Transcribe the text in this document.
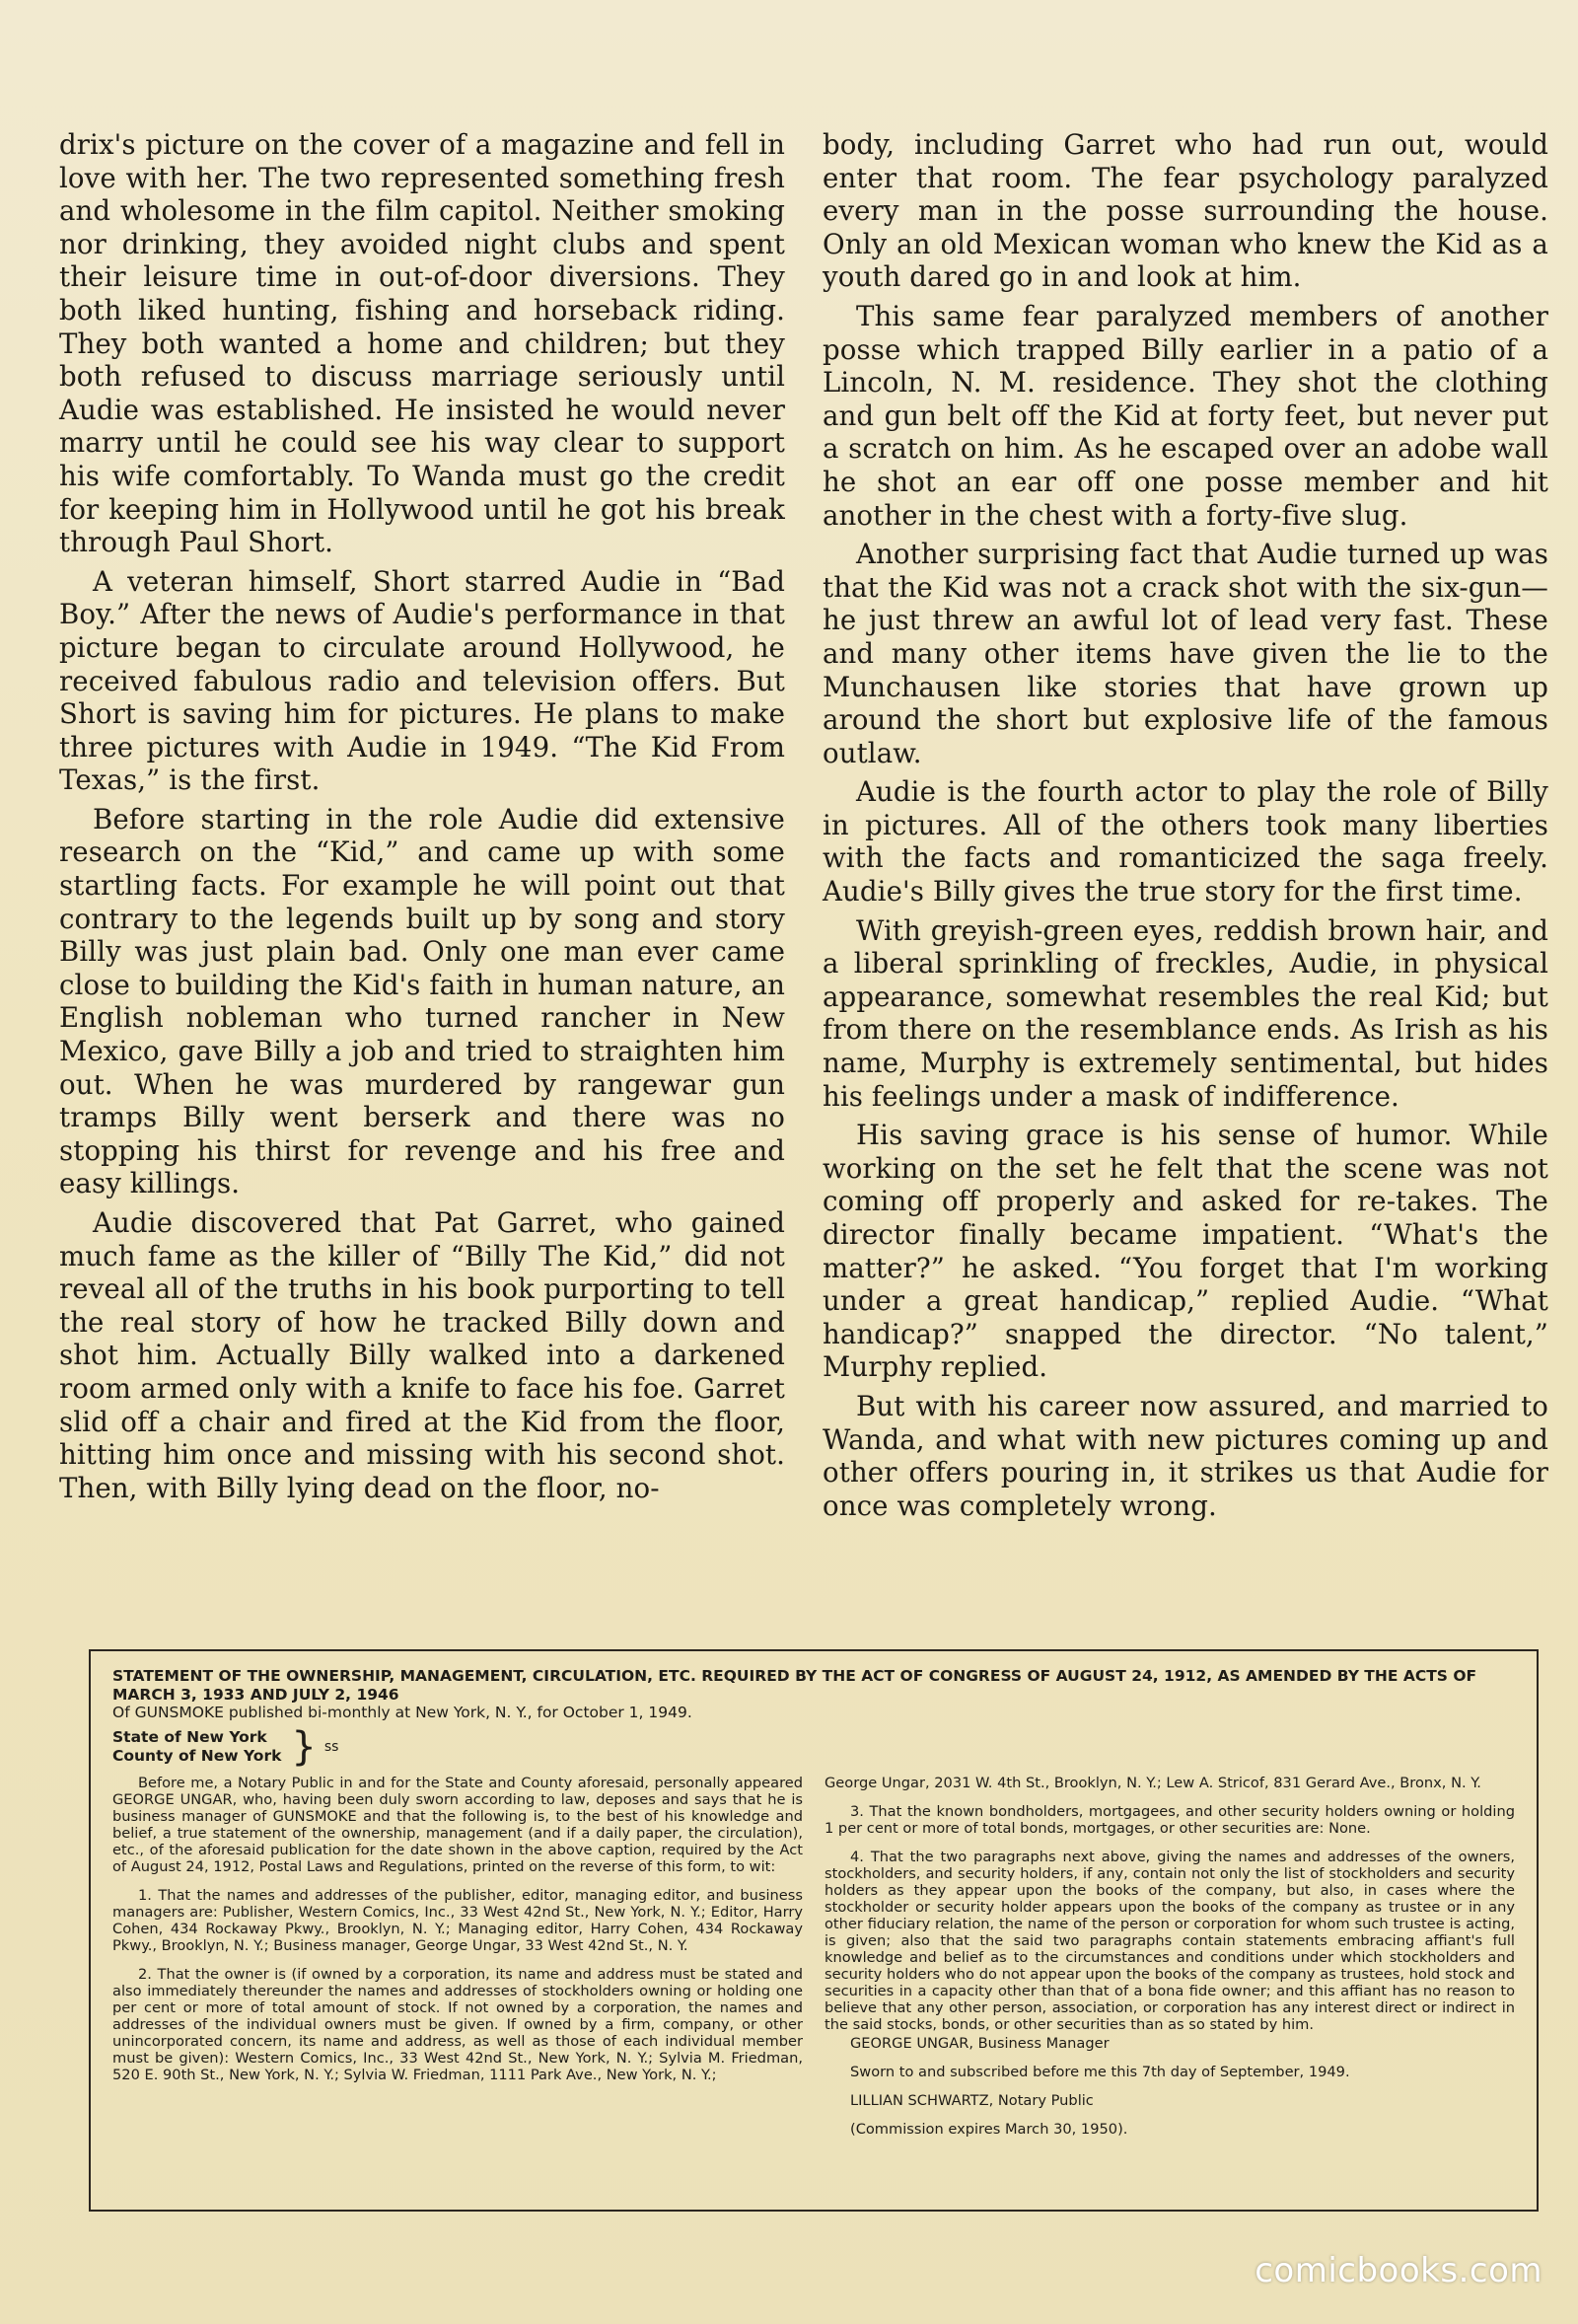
drix's picture on the cover of a magazine and fell in love with her. The two represented something fresh and wholesome in the film capitol. Neither smoking nor drinking, they avoided night clubs and spent their leisure time in out-of-door diversions. They both liked hunting, fishing and horseback riding. They both wanted a home and children; but they both refused to discuss marriage seriously until Audie was established. He insisted he would never marry until he could see his way clear to support his wife comfortably. To Wanda must go the credit for keeping him in Hollywood until he got his break through Paul Short.

A veteran himself, Short starred Audie in “Bad Boy.” After the news of Audie's performance in that picture began to circulate around Hollywood, he received fabulous radio and television offers. But Short is saving him for pictures. He plans to make three pictures with Audie in 1949. “The Kid From Texas,” is the first.

Before starting in the role Audie did extensive research on the “Kid,” and came up with some startling facts. For example he will point out that contrary to the legends built up by song and story Billy was just plain bad. Only one man ever came close to building the Kid's faith in human nature, an English nobleman who turned rancher in New Mexico, gave Billy a job and tried to straighten him out. When he was murdered by rangewar gun tramps Billy went berserk and there was no stopping his thirst for revenge and his free and easy killings.

Audie discovered that Pat Garret, who gained much fame as the killer of “Billy The Kid,” did not reveal all of the truths in his book purporting to tell the real story of how he tracked Billy down and shot him. Actually Billy walked into a darkened room armed only with a knife to face his foe. Garret slid off a chair and fired at the Kid from the floor, hitting him once and missing with his second shot. Then, with Billy lying dead on the floor, no-

body, including Garret who had run out, would enter that room. The fear psychology paralyzed every man in the posse surrounding the house. Only an old Mexican woman who knew the Kid as a youth dared go in and look at him.

This same fear paralyzed members of another posse which trapped Billy earlier in a patio of a Lincoln, N. M. residence. They shot the clothing and gun belt off the Kid at forty feet, but never put a scratch on him. As he escaped over an adobe wall he shot an ear off one posse member and hit another in the chest with a forty-five slug.

Another surprising fact that Audie turned up was that the Kid was not a crack shot with the six-gun—he just threw an awful lot of lead very fast. These and many other items have given the lie to the Munchausen like stories that have grown up around the short but explosive life of the famous outlaw.

Audie is the fourth actor to play the role of Billy in pictures. All of the others took many liberties with the facts and romanticized the saga freely. Audie's Billy gives the true story for the first time.

With greyish-green eyes, reddish brown hair, and a liberal sprinkling of freckles, Audie, in physical appearance, somewhat resembles the real Kid; but from there on the resemblance ends. As Irish as his name, Murphy is extremely sentimental, but hides his feelings under a mask of indifference.

His saving grace is his sense of humor. While working on the set he felt that the scene was not coming off properly and asked for re-takes. The director finally became impatient. “What's the matter?” he asked. “You forget that I'm working under a great handicap,” replied Audie. “What handicap?” snapped the director. “No talent,” Murphy replied.

But with his career now assured, and married to Wanda, and what with new pictures coming up and other offers pouring in, it strikes us that Audie for once was completely wrong.

STATEMENT OF THE OWNERSHIP, MANAGEMENT, CIRCULATION, ETC. REQUIRED BY THE ACT OF CONGRESS OF AUGUST 24, 1912, AS AMENDED BY THE ACTS OF MARCH 3, 1933 AND JULY 2, 1946

Of GUNSMOKE published bi-monthly at New York, N. Y., for October 1, 1949.

State of New York
County of New York } ss

Before me, a Notary Public in and for the State and County aforesaid, personally appeared GEORGE UNGAR, who, having been duly sworn according to law, deposes and says that he is business manager of GUNSMOKE and that the following is, to the best of his knowledge and belief, a true statement of the ownership, management (and if a daily paper, the circulation), etc., of the aforesaid publication for the date shown in the above caption, required by the Act of August 24, 1912, Postal Laws and Regulations, printed on the reverse of this form, to wit:

1. That the names and addresses of the publisher, editor, managing editor, and business managers are: Publisher, Western Comics, Inc., 33 West 42nd St., New York, N. Y.; Editor, Harry Cohen, 434 Rockaway Pkwy., Brooklyn, N. Y.; Managing editor, Harry Cohen, 434 Rockaway Pkwy., Brooklyn, N. Y.; Business manager, George Ungar, 33 West 42nd St., N. Y.

2. That the owner is (if owned by a corporation, its name and address must be stated and also immediately thereunder the names and addresses of stockholders owning or holding one per cent or more of total amount of stock. If not owned by a corporation, the names and addresses of the individual owners must be given. If owned by a firm, company, or other unincorporated concern, its name and address, as well as those of each individual member must be given): Western Comics, Inc., 33 West 42nd St., New York, N. Y.; Sylvia M. Friedman, 520 E. 90th St., New York, N. Y.; Sylvia W. Friedman, 1111 Park Ave., New York, N. Y.;

George Ungar, 2031 W. 4th St., Brooklyn, N. Y.; Lew A. Stricof, 831 Gerard Ave., Bronx, N. Y.

3. That the known bondholders, mortgagees, and other security holders owning or holding 1 per cent or more of total bonds, mortgages, or other securities are: None.

4. That the two paragraphs next above, giving the names and addresses of the owners, stockholders, and security holders, if any, contain not only the list of stockholders and security holders as they appear upon the books of the company, but also, in cases where the stockholder or security holder appears upon the books of the company as trustee or in any other fiduciary relation, the name of the person or corporation for whom such trustee is acting, is given; also that the said two paragraphs contain statements embracing affiant's full knowledge and belief as to the circumstances and conditions under which stockholders and security holders who do not appear upon the books of the company as trustees, hold stock and securities in a capacity other than that of a bona fide owner; and this affiant has no reason to believe that any other person, association, or corporation has any interest direct or indirect in the said stocks, bonds, or other securities than as so stated by him.

GEORGE UNGAR, Business Manager

Sworn to and subscribed before me this 7th day of September, 1949.

LILLIAN SCHWARTZ, Notary Public

(Commission expires March 30, 1950).

comicbooks.com
